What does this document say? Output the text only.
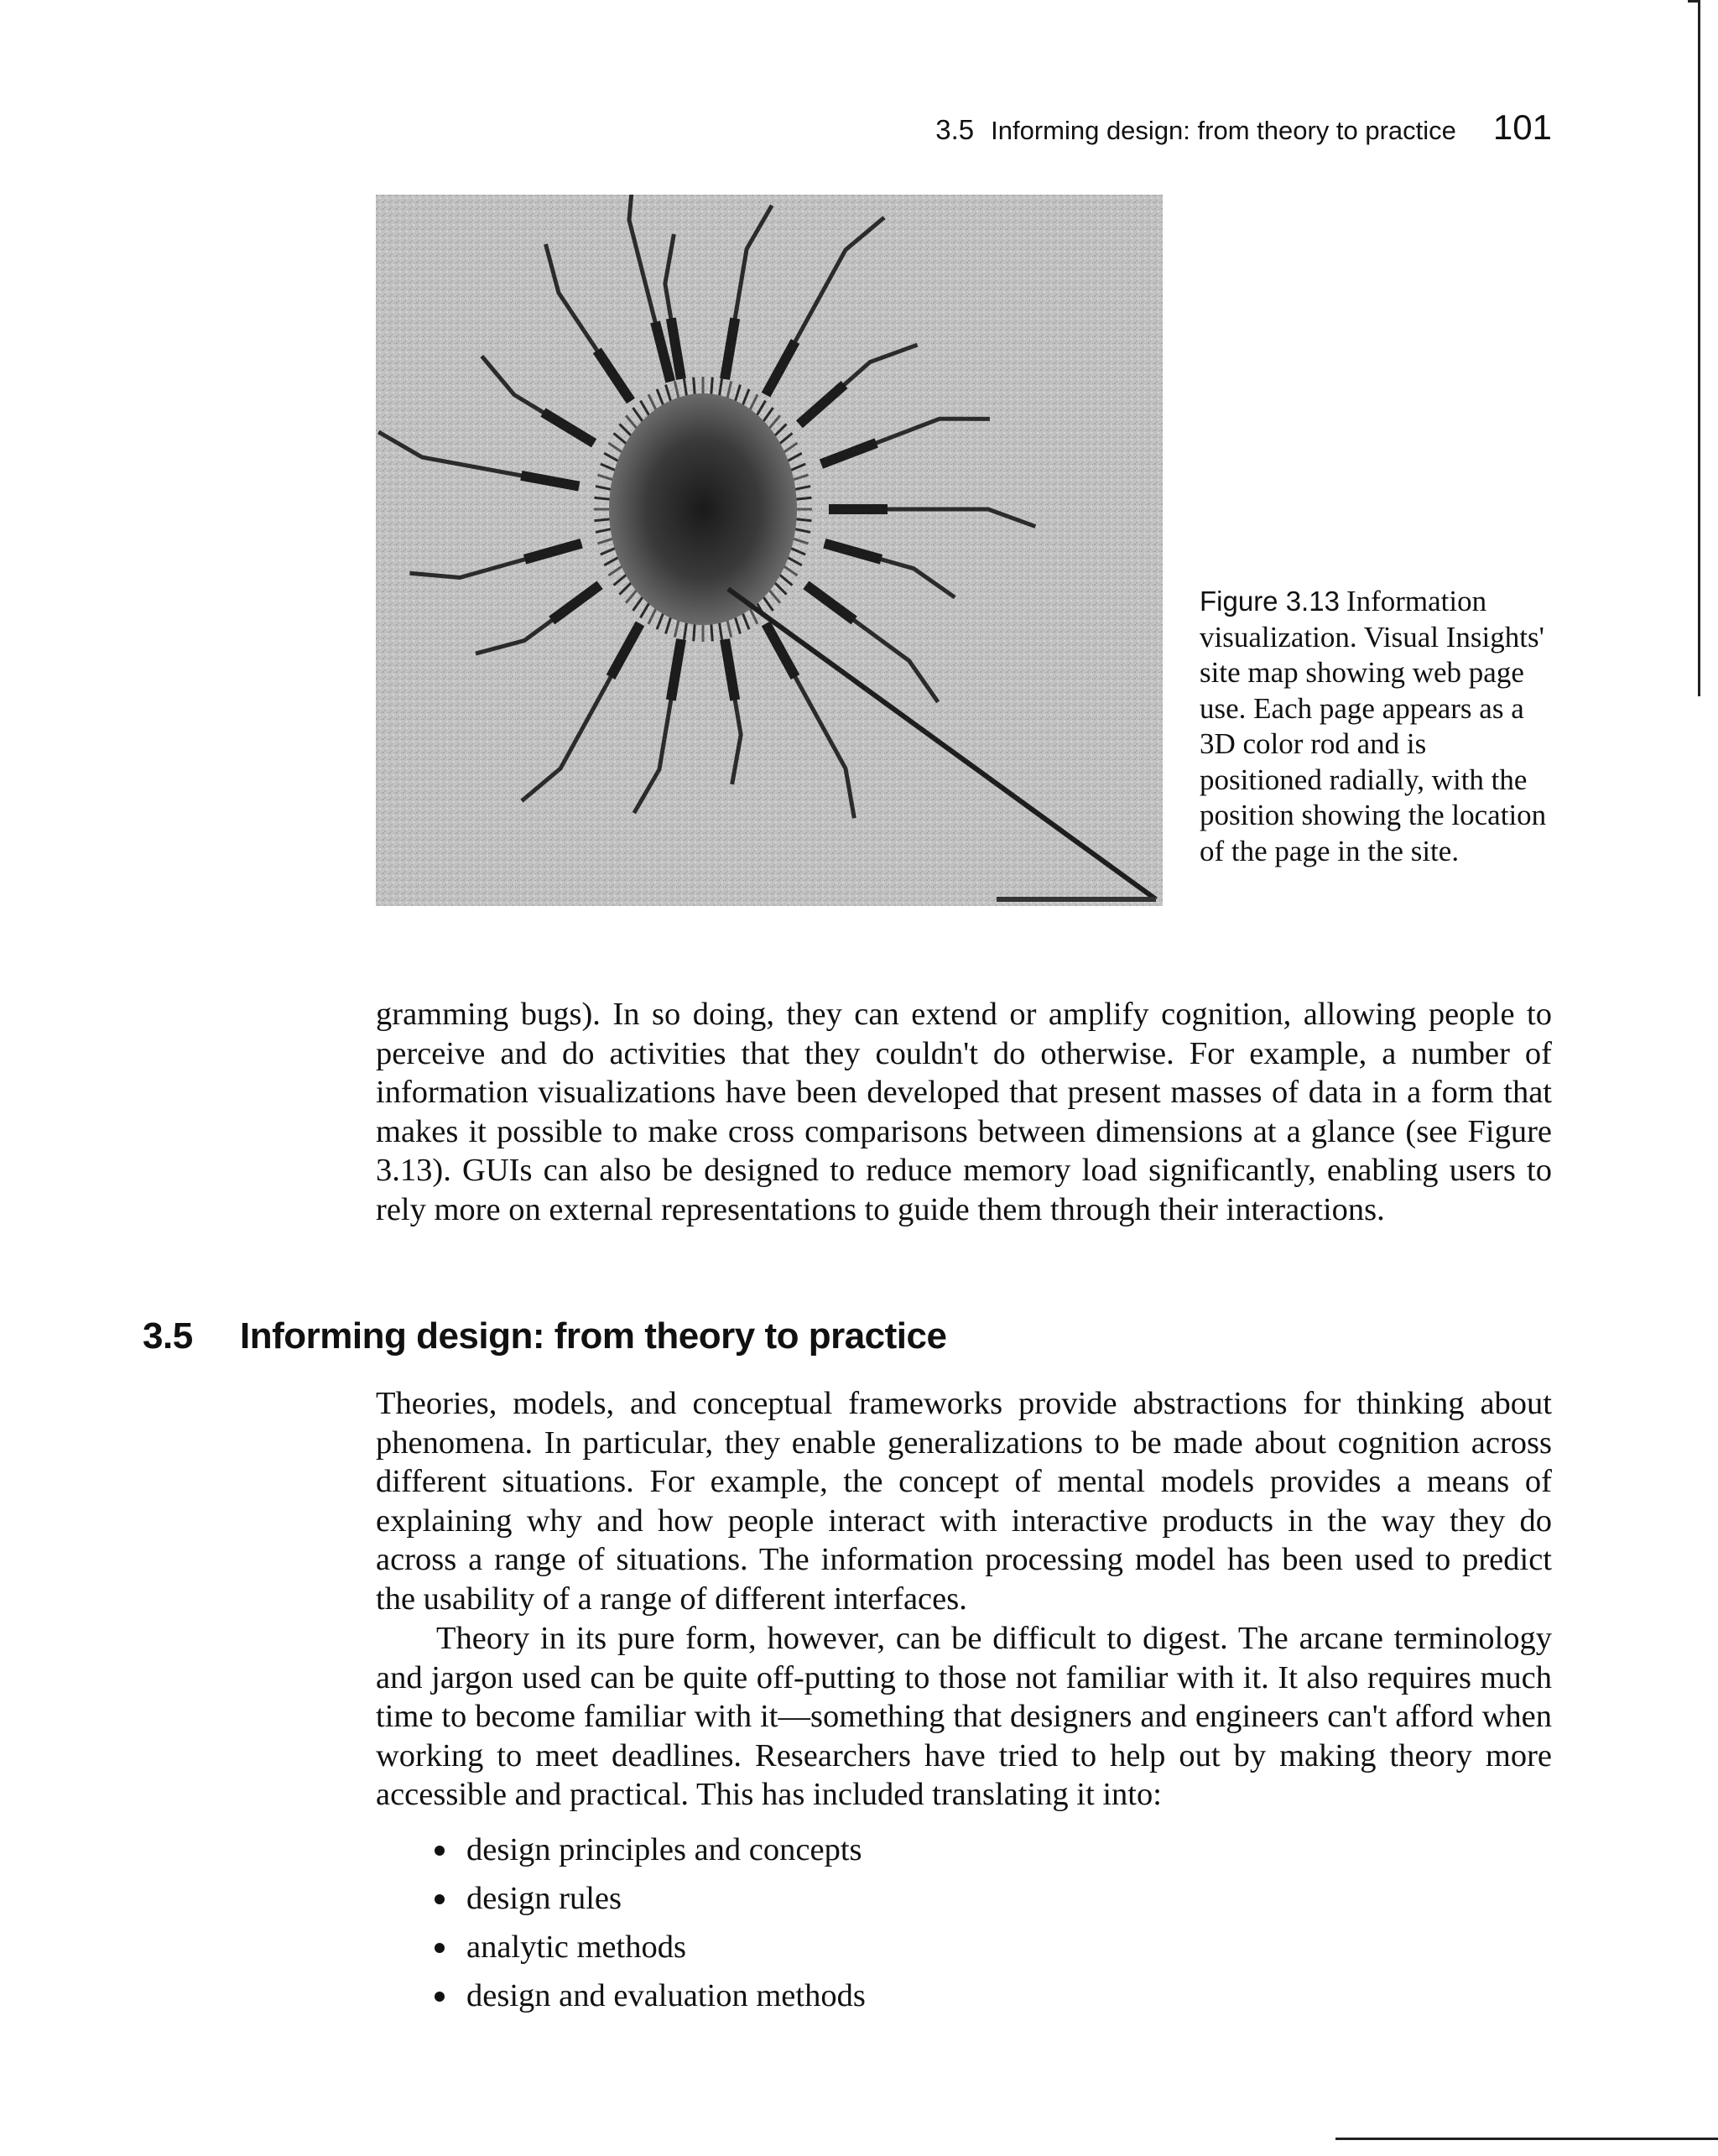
3.5 Informing design: from theory to practice 101
Figure 3.13 Information visualization. Visual Insights' site map showing web page use. Each page appears as a 3D color rod and is positioned radially, with the position showing the location of the page in the site.

gramming bugs). In so doing, they can extend or amplify cognition, allowing people to perceive and do activities that they couldn't do otherwise. For example, a number of information visualizations have been developed that present masses of data in a form that makes it possible to make cross comparisons between dimensions at a glance (see Figure 3.13). GUIs can also be designed to reduce memory load significantly, enabling users to rely more on external representations to guide them through their interactions.

3.5 Informing design: from theory to practice

Theories, models, and conceptual frameworks provide abstractions for thinking about phenomena. In particular, they enable generalizations to be made about cognition across different situations. For example, the concept of mental models provides a means of explaining why and how people interact with interactive products in the way they do across a range of situations. The information processing model has been used to predict the usability of a range of different interfaces.

Theory in its pure form, however, can be difficult to digest. The arcane terminology and jargon used can be quite off-putting to those not familiar with it. It also requires much time to become familiar with it—something that designers and engineers can't afford when working to meet deadlines. Researchers have tried to help out by making theory more accessible and practical. This has included translating it into:

design principles and concepts
design rules
analytic methods
design and evaluation methods
